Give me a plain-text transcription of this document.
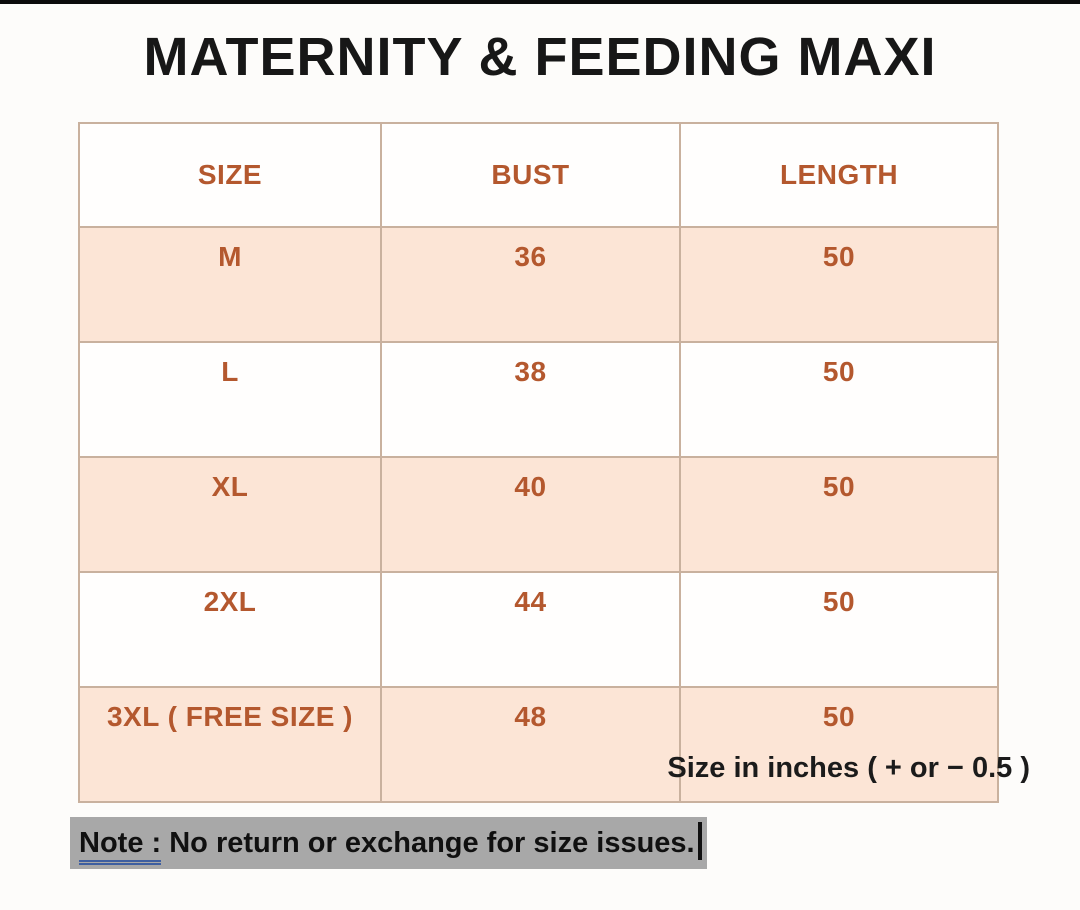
MATERNITY & FEEDING MAXI
SIZE	BUST	LENGTH
M	36	50
L	38	50
XL	40	50
2XL	44	50
3XL ( FREE SIZE )	48	50
Size in inches ( + or − 0.5 )
Note : No return or exchange for size issues.
